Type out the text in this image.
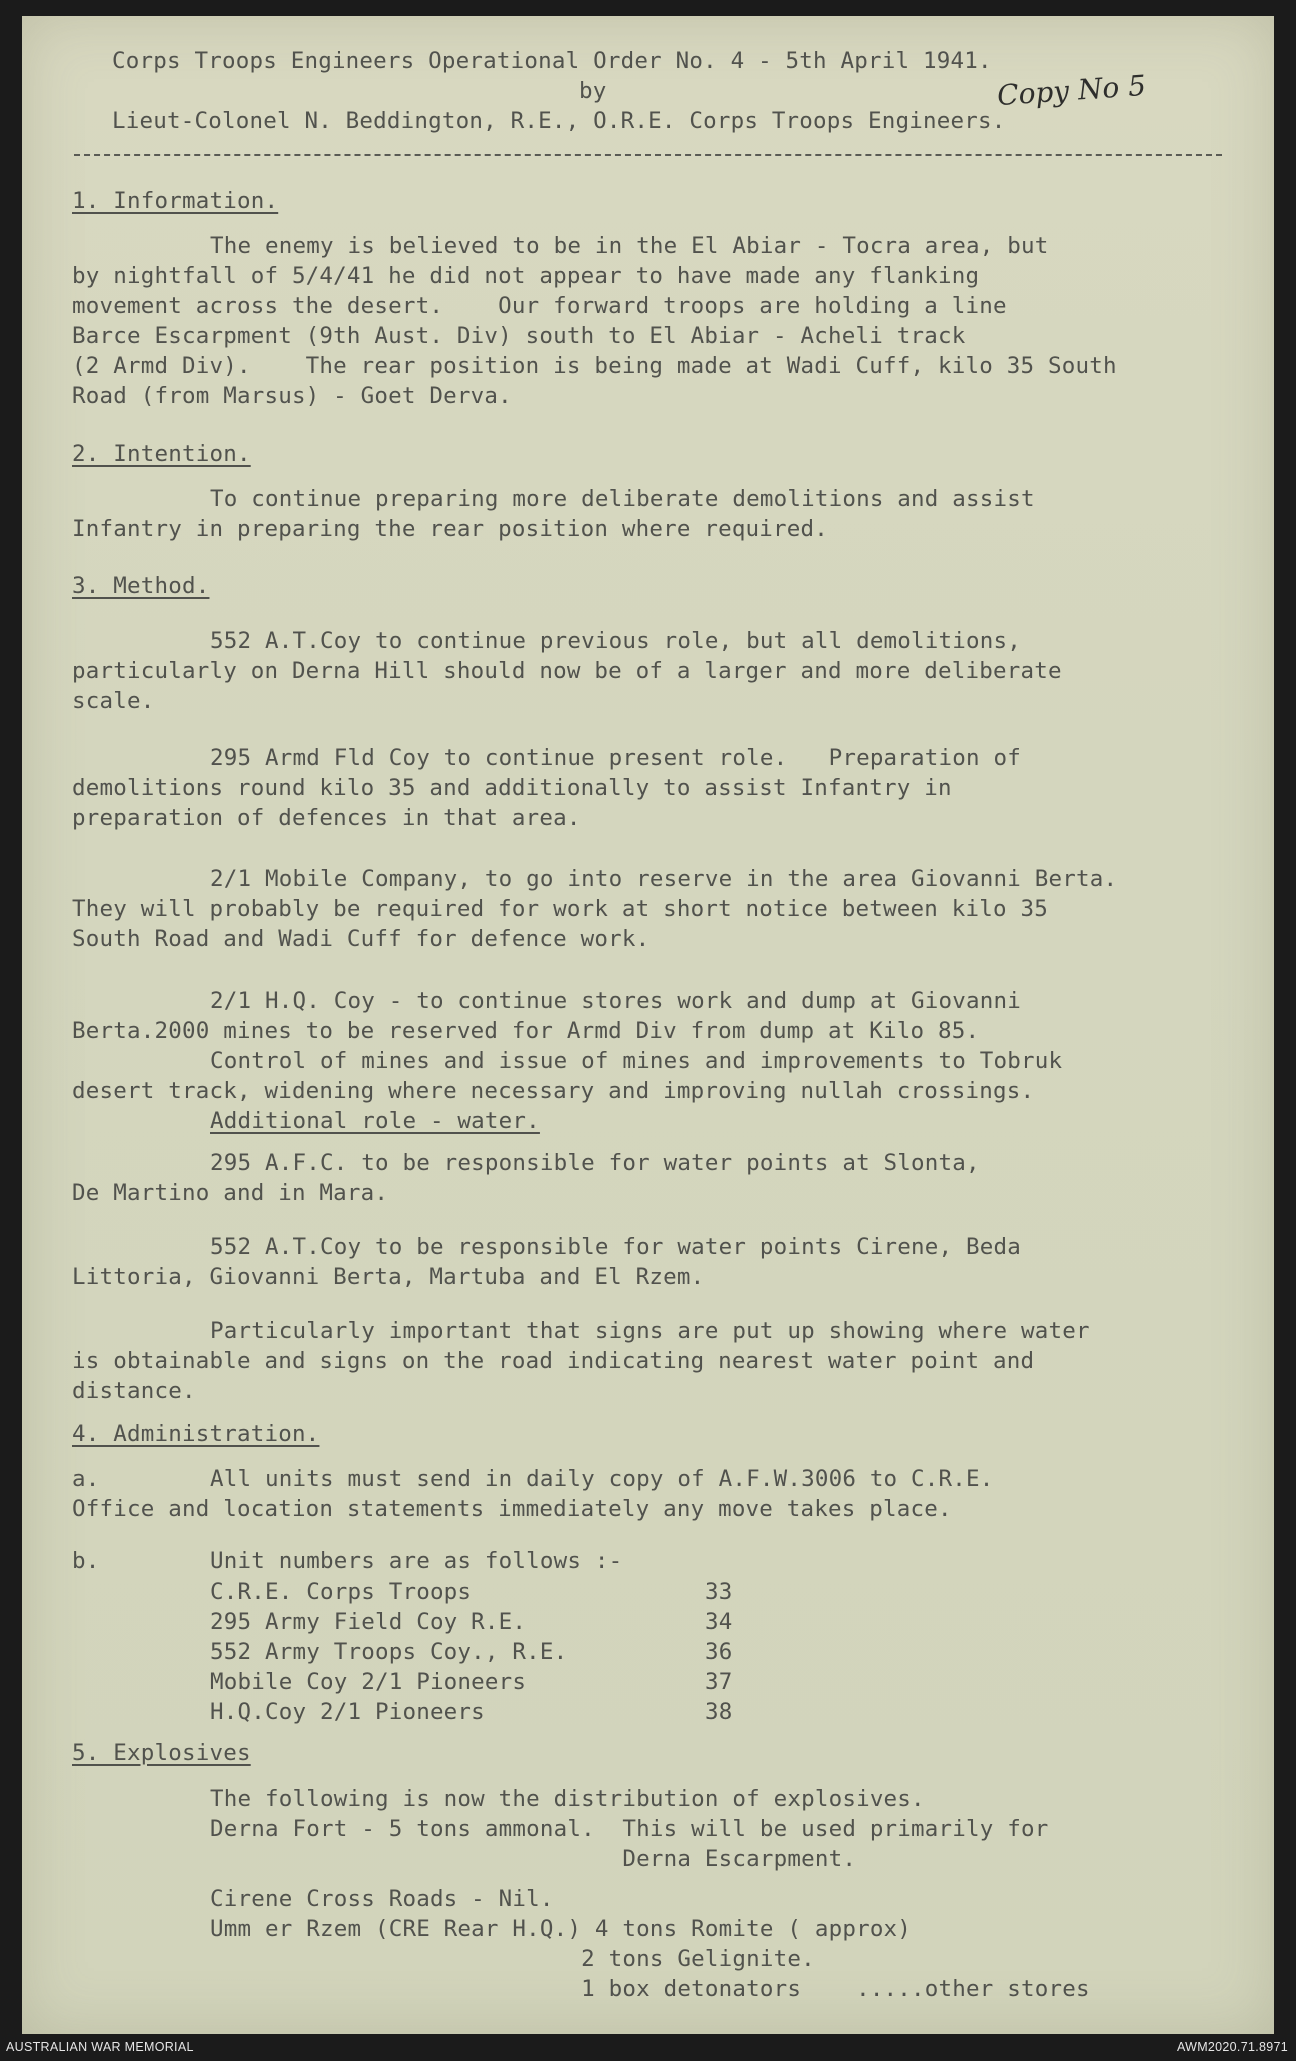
Corps Troops Engineers Operational Order No. 4 - 5th April 1941.
by
Lieut-Colonel N. Beddington, R.E., O.R.E. Corps Troops Engineers.
Copy No 5
1. Information.
The enemy is believed to be in the El Abiar - Tocra area, but
by nightfall of 5/4/41 he did not appear to have made any flanking
movement across the desert.    Our forward troops are holding a line
Barce Escarpment (9th Aust. Div) south to El Abiar - Acheli track
(2 Armd Div).    The rear position is being made at Wadi Cuff, kilo 35 South
Road (from Marsus) - Goet Derva.
2. Intention.
To continue preparing more deliberate demolitions and assist
Infantry in preparing the rear position where required.
3. Method.
552 A.T.Coy to continue previous role, but all demolitions,
particularly on Derna Hill should now be of a larger and more deliberate
scale.
295 Armd Fld Coy to continue present role.   Preparation of
demolitions round kilo 35 and additionally to assist Infantry in
preparation of defences in that area.
2/1 Mobile Company, to go into reserve in the area Giovanni Berta.
They will probably be required for work at short notice between kilo 35
South Road and Wadi Cuff for defence work.
2/1 H.Q. Coy - to continue stores work and dump at Giovanni
Berta.2000 mines to be reserved for Armd Div from dump at Kilo 85.
Control of mines and issue of mines and improvements to Tobruk
desert track, widening where necessary and improving nullah crossings.
Additional role - water.
295 A.F.C. to be responsible for water points at Slonta,
De Martino and in Mara.
552 A.T.Coy to be responsible for water points Cirene, Beda
Littoria, Giovanni Berta, Martuba and El Rzem.
Particularly important that signs are put up showing where water
is obtainable and signs on the road indicating nearest water point and
distance.
4. Administration.
a.	All units must send in daily copy of A.F.W.3006 to C.R.E.
Office and location statements immediately any move takes place.
b.	Unit numbers are as follows :-
C.R.E. Corps Troops	33
295 Army Field Coy R.E.	34
552 Army Troops Coy., R.E.	36
Mobile Coy 2/1 Pioneers	37
H.Q.Coy 2/1 Pioneers	38
5. Explosives
The following is now the distribution of explosives.
Derna Fort - 5 tons ammonal.  This will be used primarily for
Derna Escarpment.
Cirene Cross Roads - Nil.
Umm er Rzem (CRE Rear H.Q.) 4 tons Romite ( approx)
2 tons Gelignite.
1 box detonators    .....other stores
AUSTRALIAN WAR MEMORIAL	AWM2020.71.8971
